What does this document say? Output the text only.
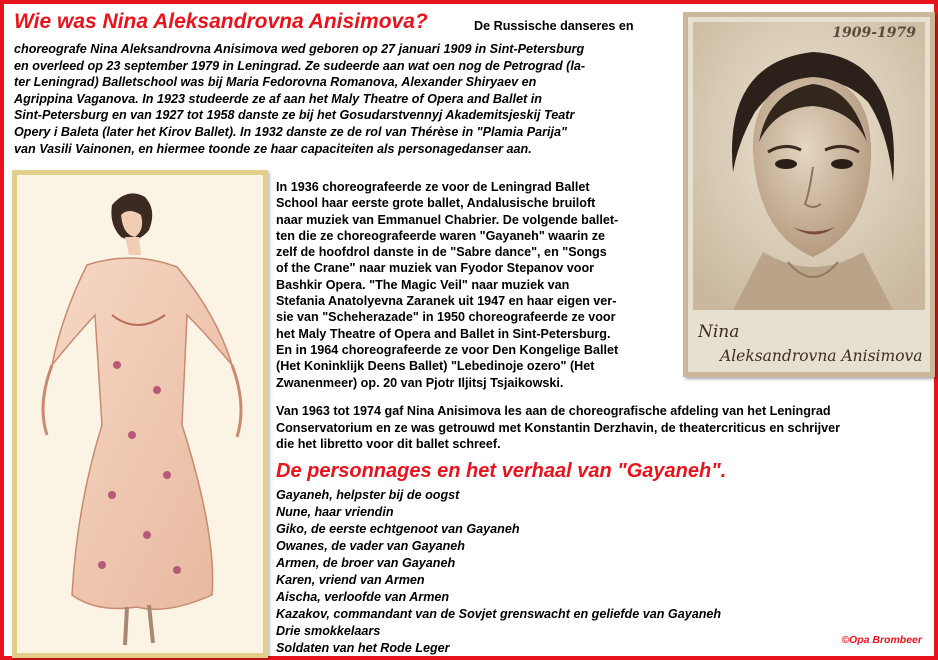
Wie was Nina Aleksandrovna Anisimova?	De Russische danseres en
choreografe Nina Aleksandrovna Anisimova wed geboren op 27 januari 1909 in Sint-Petersburg
en overleed op 23 september 1979 in Leningrad. Ze sudeerde aan wat oen nog de Petrograd (la-
ter Leningrad) Balletschool was bij Maria Fedorovna Romanova, Alexander Shiryaev en
Agrippina Vaganova. In 1923 studeerde ze af aan het Maly Theatre of Opera and Ballet in
Sint-Petersburg en van 1927 tot 1958 danste ze bij het Gosudarstvennyj Akademitsjeskij Teatr
Opery i Baleta (later het Kirov Ballet). In 1932 danste ze de rol van Thérèse in "Plamia Parija"
van Vasili Vainonen, en hiermee toonde ze haar capaciteiten als personagedanser aan.
1909-1979
Nina
Aleksandrovna Anisimova
In 1936 choreografeerde ze voor de Leningrad Ballet
School haar eerste grote ballet, Andalusische bruiloft
naar muziek van Emmanuel Chabrier. De volgende ballet-
ten die ze choreografeerde waren "Gayaneh" waarin ze
zelf de hoofdrol danste in de "Sabre dance", en "Songs
of the Crane" naar muziek van Fyodor Stepanov voor
Bashkir Opera. "The Magic Veil" naar muziek van
Stefania Anatolyevna Zaranek uit 1947 en haar eigen ver-
sie van "Scheherazade" in 1950 choreografeerde ze voor
het Maly Theatre of Opera and Ballet in Sint-Petersburg.
En in 1964 choreografeerde ze voor Den Kongelige Ballet
(Het Koninklijk Deens Ballet) "Lebedinoje ozero" (Het
Zwanenmeer) op. 20 van Pjotr Iljitsj Tsjaikowski.
Van 1963 tot 1974 gaf Nina Anisimova les aan de choreografische afdeling van het Leningrad
Conservatorium en ze was getrouwd met Konstantin Derzhavin, de theatercriticus en schrijver
die het libretto voor dit ballet schreef.
De personnages en het verhaal van "Gayaneh".
Gayaneh, helpster bij de oogst
Nune, haar vriendin
Giko, de eerste echtgenoot van Gayaneh
Owanes, de vader van Gayaneh
Armen, de broer van Gayaneh
Karen, vriend van Armen
Aischa, verloofde van Armen
Kazakov, commandant van de Sovjet grenswacht en geliefde van Gayaneh
Drie smokkelaars
Soldaten van het Rode Leger
©Opa Brombeer
